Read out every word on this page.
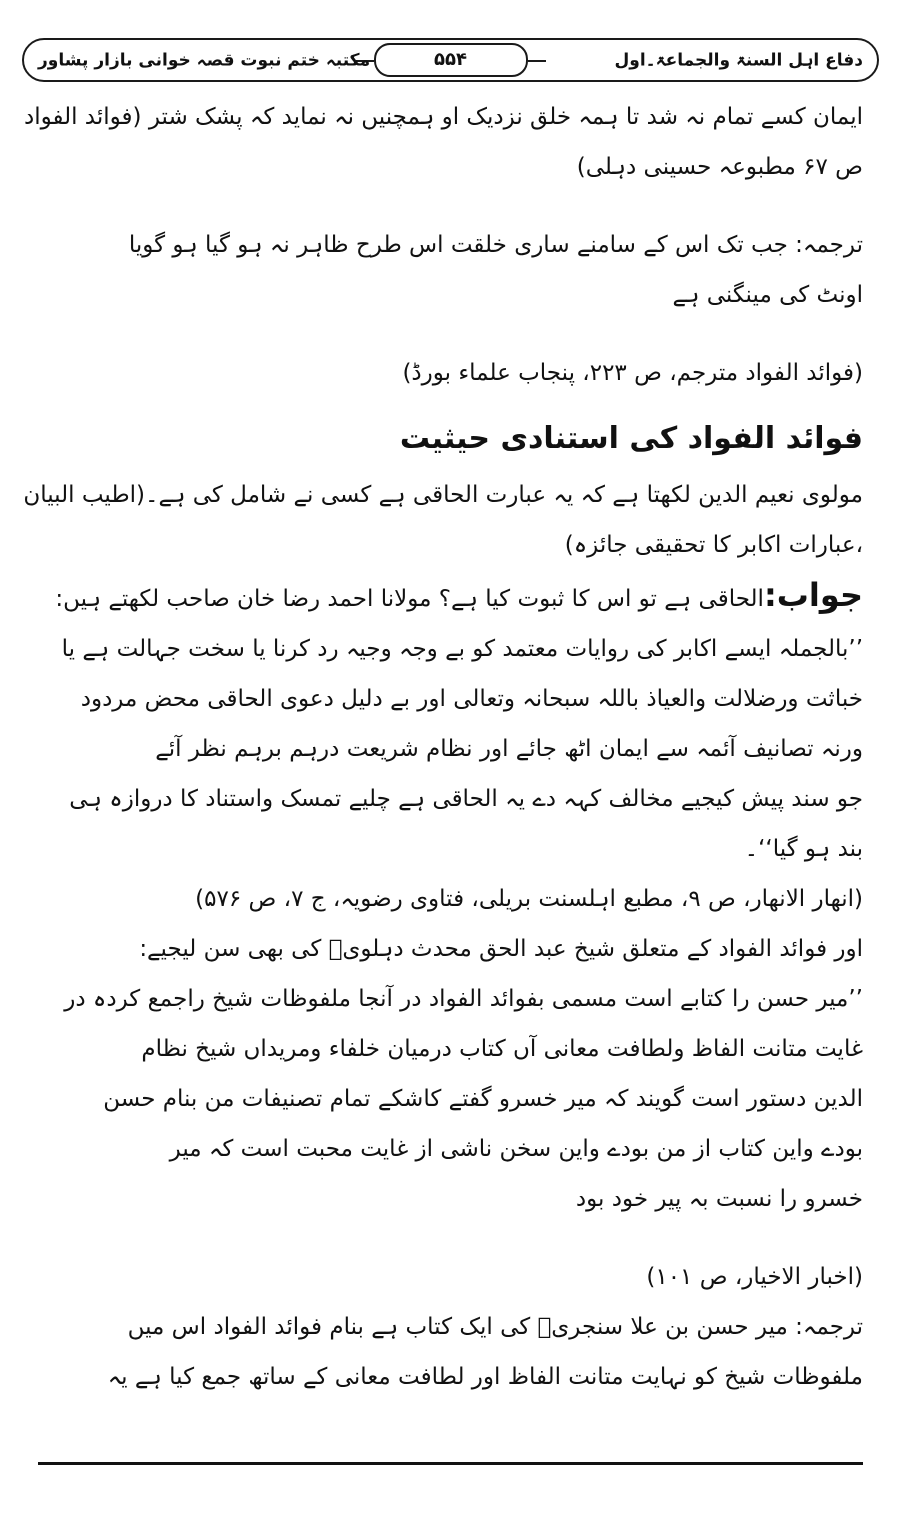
دفاع اہل السنۃ والجماعۃ۔اول
۵۵۴
مکتبہ ختم نبوت قصہ خوانی بازار پشاور
ایمان کسے تمام نہ شد تا ہمہ خلق نزدیک او ہمچنیں نہ نماید کہ پشک شتر (فوائد الفواد
ص ۶۷ مطبوعہ حسینی دہلی)
ترجمہ: جب تک اس کے سامنے ساری خلقت اس طرح ظاہر نہ ہو گیا ہو گویا
اونٹ کی مینگنی ہے
(فوائد الفواد مترجم، ص ۲۲۳، پنجاب علماء بورڈ)
فوائد الفواد کی استنادی حیثیت
مولوی نعیم الدین لکھتا ہے کہ یہ عبارت الحاقی ہے کسی نے شامل کی ہے۔(اطیب البیان
،عبارات اکابر کا تحقیقی جائزہ)
جواب:الحاقی ہے تو اس کا ثبوت کیا ہے؟ مولانا احمد رضا خان صاحب لکھتے ہیں:
’’بالجملہ ایسے اکابر کی روایات معتمد کو بے وجہ وجیہ رد کرنا یا سخت جہالت ہے یا
خباثت ورضلالت والعیاذ باللہ سبحانہ وتعالی اور بے دلیل دعوی الحاقی محض مردود
ورنہ تصانیف آئمہ سے ایمان اٹھ جائے اور نظام شریعت درہم برہم نظر آئے
جو سند پیش کیجیے مخالف کہہ دے یہ الحاقی ہے چلیے تمسک واستناد کا دروازہ ہی
بند ہو گیا‘‘۔
(انھار الانھار، ص ۹، مطبع اہلسنت بریلی، فتاوی رضویہ، ج ۷، ص ۵۷۶)
اور فوائد الفواد کے متعلق شیخ عبد الحق محدث دہلویؒ کی بھی سن لیجیے:
’’میر حسن را کتابے است مسمی بفوائد الفواد در آنجا ملفوظات شیخ راجمع کردہ در
غایت متانت الفاظ ولطافت معانی آں کتاب درمیان خلفاء ومریداں شیخ نظام
الدین دستور است گویند کہ میر خسرو گفتے کاشکے تمام تصنیفات من بنام حسن
بودے واین کتاب از من بودے واین سخن ناشی از غایت محبت است کہ میر
خسرو را نسبت بہ پیر خود بود
(اخبار الاخیار، ص ۱۰۱)
ترجمہ: میر حسن بن علا سنجریؒ کی ایک کتاب ہے بنام فوائد الفواد اس میں
ملفوظات شیخ کو نہایت متانت الفاظ اور لطافت معانی کے ساتھ جمع کیا ہے یہ
